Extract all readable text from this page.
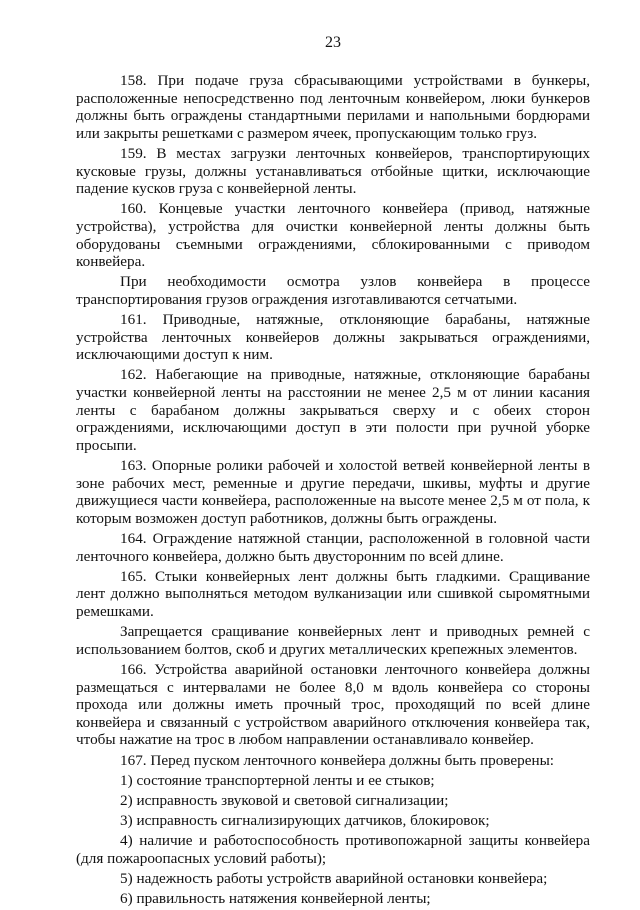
23

158. При подаче груза сбрасывающими устройствами в бункеры, расположенные непосредственно под ленточным конвейером, люки бункеров должны быть ограждены стандартными перилами и напольными бордюрами или закрыты решетками с размером ячеек, пропускающим только груз.

159. В местах загрузки ленточных конвейеров, транспортирующих кусковые грузы, должны устанавливаться отбойные щитки, исключающие падение кусков груза с конвейерной ленты.

160. Концевые участки ленточного конвейера (привод, натяжные устройства), устройства для очистки конвейерной ленты должны быть оборудованы съемными ограждениями, сблокированными с приводом конвейера.

При необходимости осмотра узлов конвейера в процессе транспортирования грузов ограждения изготавливаются сетчатыми.

161. Приводные, натяжные, отклоняющие барабаны, натяжные устройства ленточных конвейеров должны закрываться ограждениями, исключающими доступ к ним.

162. Набегающие на приводные, натяжные, отклоняющие барабаны участки конвейерной ленты на расстоянии не менее 2,5 м от линии касания ленты с барабаном должны закрываться сверху и с обеих сторон ограждениями, исключающими доступ в эти полости при ручной уборке просыпи.

163. Опорные ролики рабочей и холостой ветвей конвейерной ленты в зоне рабочих мест, ременные и другие передачи, шкивы, муфты и другие движущиеся части конвейера, расположенные на высоте менее 2,5 м от пола, к которым возможен доступ работников, должны быть ограждены.

164. Ограждение натяжной станции, расположенной в головной части ленточного конвейера, должно быть двусторонним по всей длине.

165. Стыки конвейерных лент должны быть гладкими. Сращивание лент должно выполняться методом вулканизации или сшивкой сыромятными ремешками.

Запрещается сращивание конвейерных лент и приводных ремней с использованием болтов, скоб и других металлических крепежных элементов.

166. Устройства аварийной остановки ленточного конвейера должны размещаться с интервалами не более 8,0 м вдоль конвейера со стороны прохода или должны иметь прочный трос, проходящий по всей длине конвейера и связанный с устройством аварийного отключения конвейера так, чтобы нажатие на трос в любом направлении останавливало конвейер.

167. Перед пуском ленточного конвейера должны быть проверены:

1) состояние транспортерной ленты и ее стыков;

2) исправность звуковой и световой сигнализации;

3) исправность сигнализирующих датчиков, блокировок;

4) наличие и работоспособность противопожарной защиты конвейера (для пожароопасных условий работы);

5) надежность работы устройств аварийной остановки конвейера;

6) правильность натяжения конвейерной ленты;
